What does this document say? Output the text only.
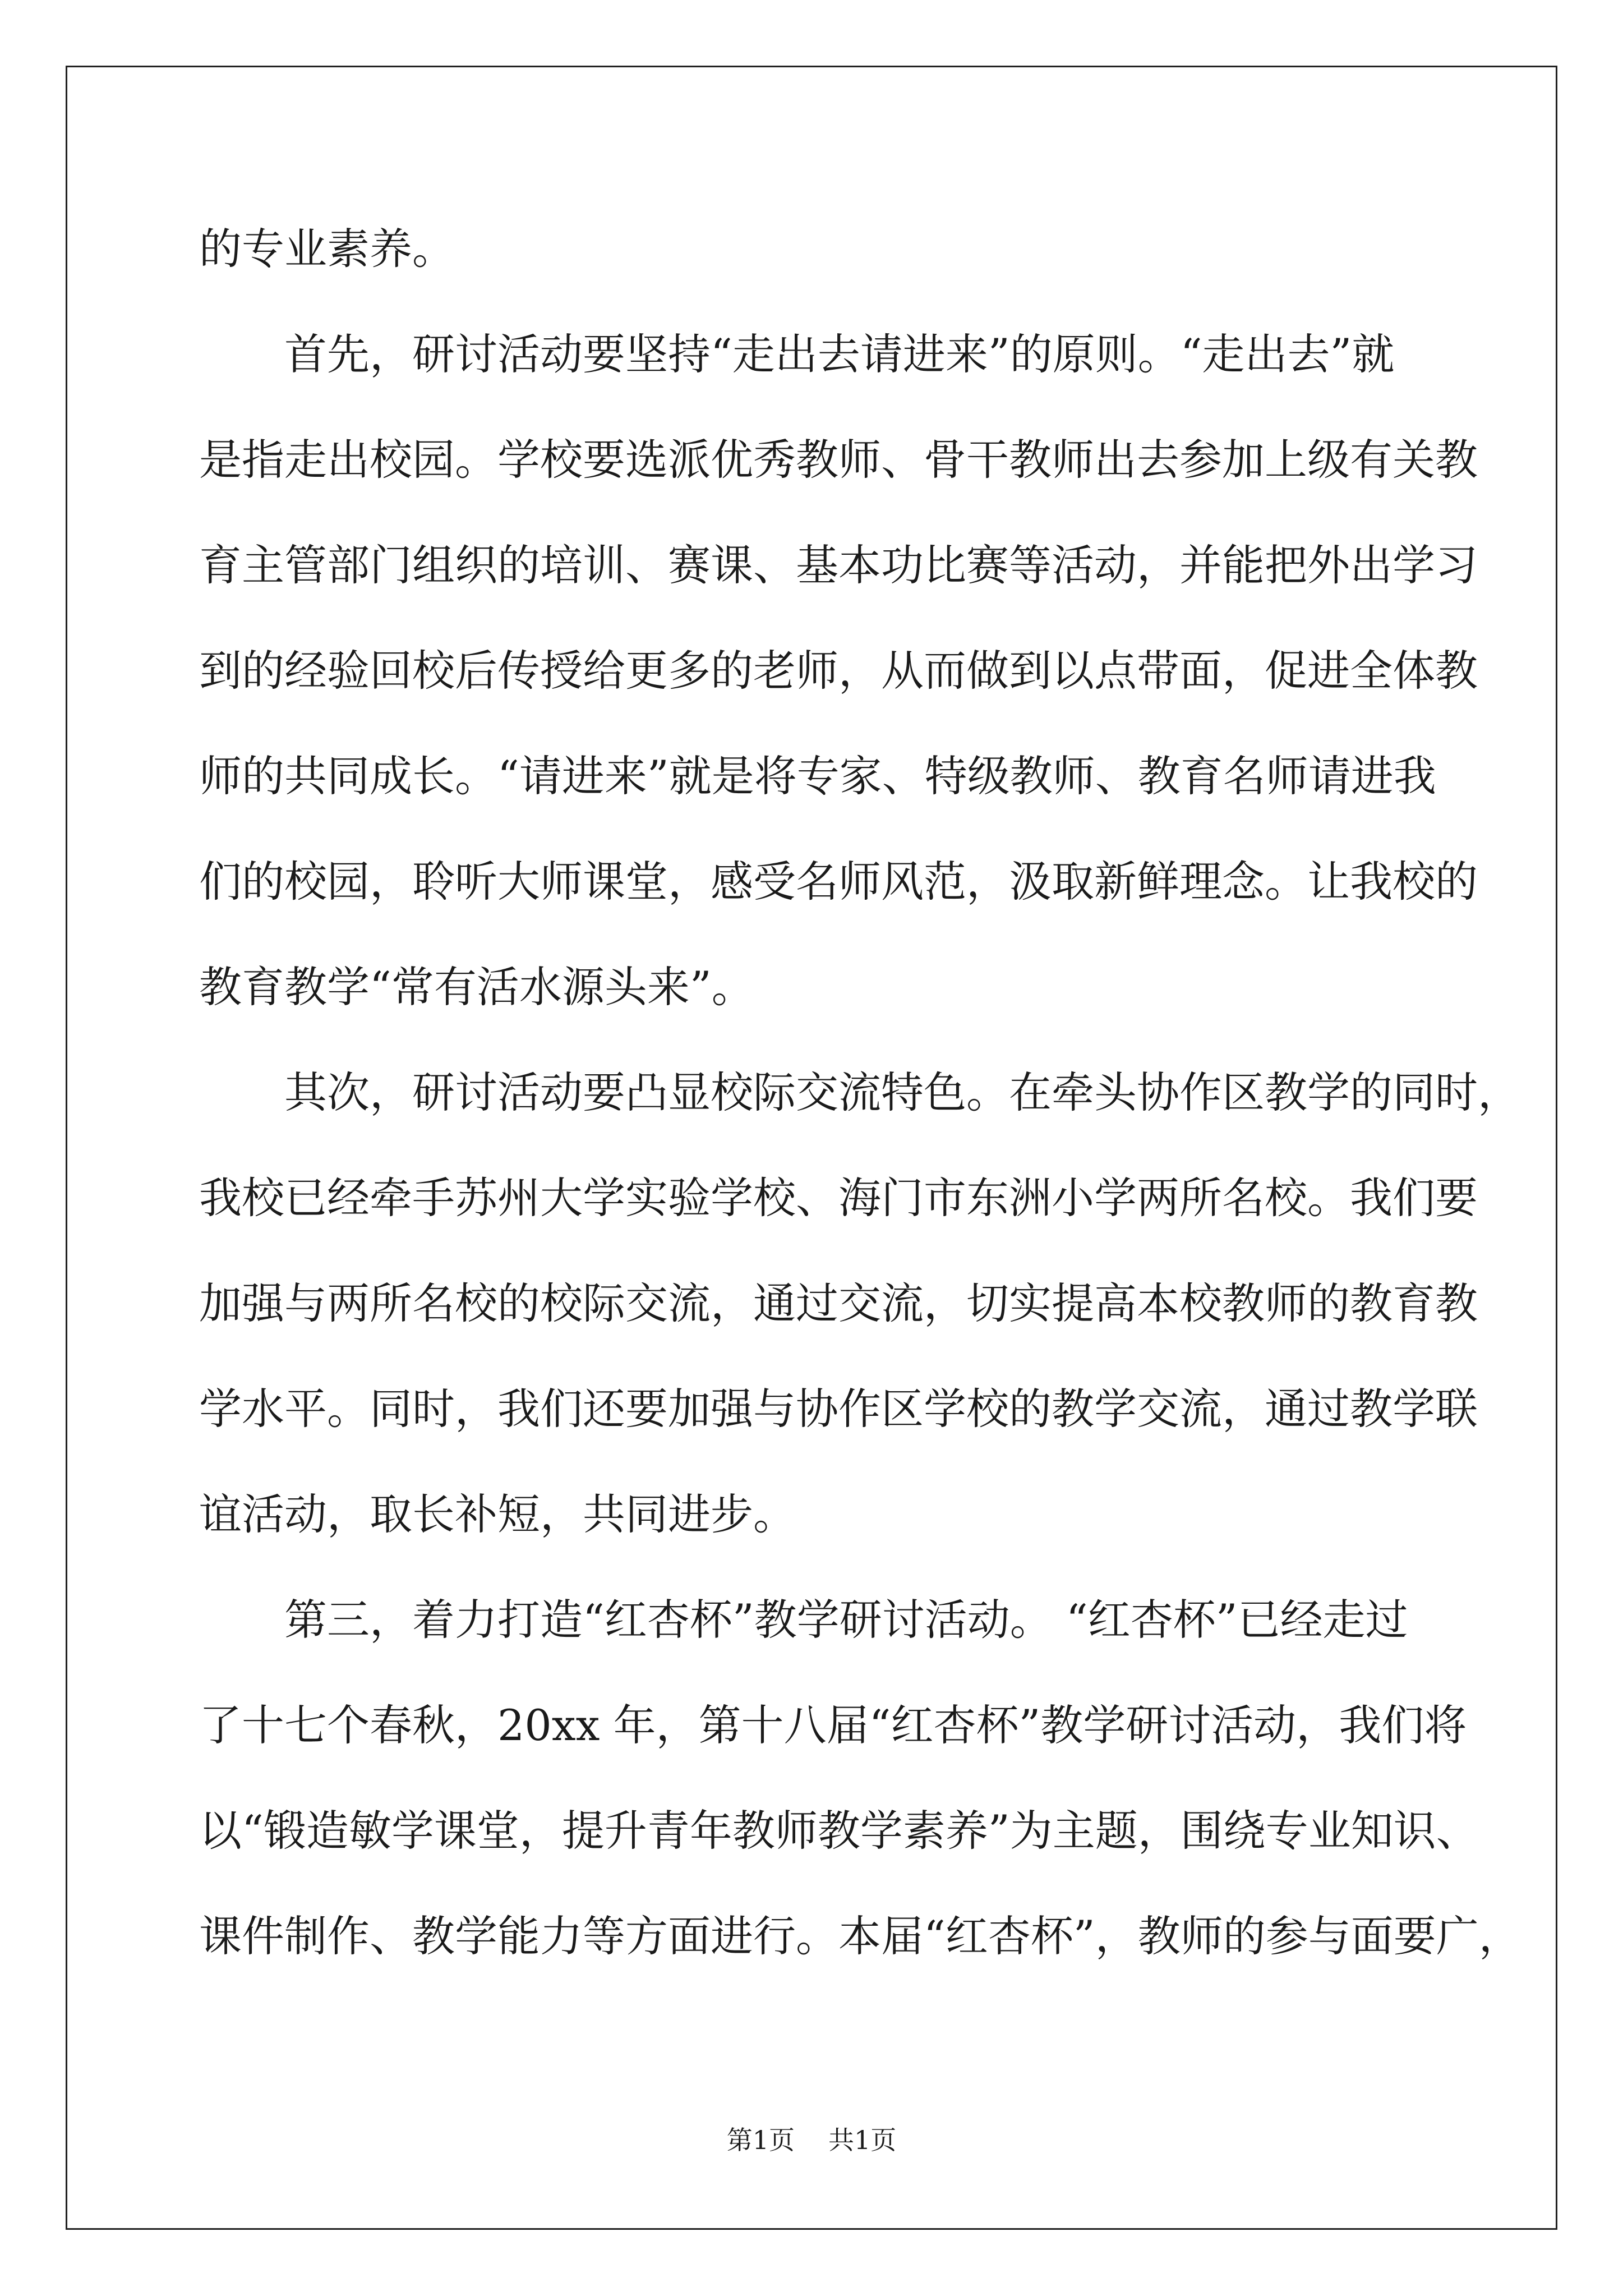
的专业素养。
首先，研讨活动要坚持“走出去请进来”的原则。“走出去”就
是指走出校园。学校要选派优秀教师、骨干教师出去参加上级有关教
育主管部门组织的培训、赛课、基本功比赛等活动，并能把外出学习
到的经验回校后传授给更多的老师，从而做到以点带面，促进全体教
师的共同成长。“请进来”就是将专家、特级教师、教育名师请进我
们的校园，聆听大师课堂，感受名师风范，汲取新鲜理念。让我校的
教育教学“常有活水源头来”。
其次，研讨活动要凸显校际交流特色。在牵头协作区教学的同时，
我校已经牵手苏州大学实验学校、海门市东洲小学两所名校。我们要
加强与两所名校的校际交流，通过交流，切实提高本校教师的教育教
学水平。同时，我们还要加强与协作区学校的教学交流，通过教学联
谊活动，取长补短，共同进步。
第三，着力打造“红杏杯”教学研讨活动。 “红杏杯”已经走过
了十七个春秋，20xx 年，第十八届“红杏杯”教学研讨活动，我们将
以“锻造敏学课堂，提升青年教师教学素养”为主题，围绕专业知识、
课件制作、教学能力等方面进行。本届“红杏杯”，教师的参与面要广，
第1页 共1页
